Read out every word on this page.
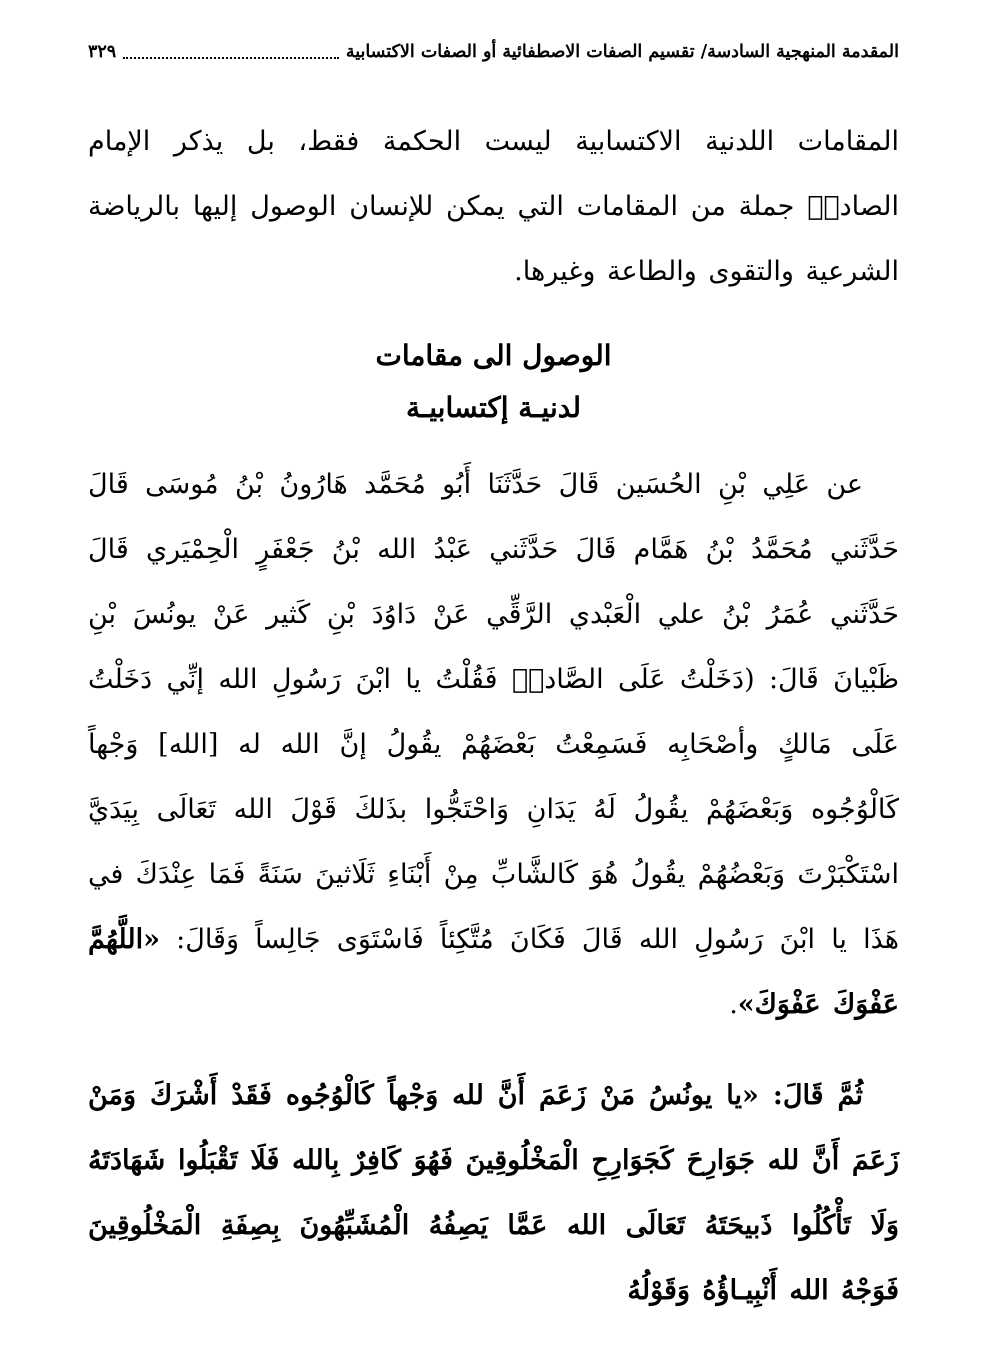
المقدمة المنهجية السادسة/ تقسيم الصفات الاصطفائية أو الصفات الاكتسابية
٣٢٩

المقامات اللدنية الاكتسابية ليست الحكمة فقط، بل يذكر الإمام الصادقؑ جملة من المقامات التي يمكن للإنسان الوصول إليها بالرياضة الشرعية والتقوى والطاعة وغيرها.

الوصول الى مقامات
لدنيـة إكتسابيـة

عن عَلِي بْنِ الحُسَين قَالَ حَدَّثَنَا أَبُو مُحَمَّد هَارُونُ بْنُ مُوسَى قَالَ حَدَّثَني مُحَمَّدُ بْنُ هَمَّام قَالَ حَدَّثَني عَبْدُ الله بْنُ جَعْفَرٍ الْحِمْيَري قَالَ حَدَّثَني عُمَرُ بْنُ علي الْعَبْدي الرَّقِّي عَنْ دَاوُدَ بْنِ كَثير عَنْ يونُسَ بْنِ ظَبْيانَ قَالَ: (دَخَلْتُ عَلَى الصَّادقؑ فَقُلْتُ يا ابْنَ رَسُولِ الله إنِّي دَخَلْتُ عَلَى مَالكٍ وأصْحَابِه فَسَمِعْتُ بَعْضَهُمْ يقُولُ إنَّ الله له [الله] وَجْهاً كَالْوُجُوه وَبَعْضَهُمْ يقُولُ لَهُ يَدَانِ وَاحْتَجُّوا بذَلكَ قَوْلَ الله تَعَالَى بِيَدَيَّ اسْتَكْبَرْتَ وَبَعْضُهُمْ يقُولُ هُوَ كَالشَّابِّ مِنْ أَبْنَاءِ ثَلَاثينَ سَنَةً فَمَا عِنْدَكَ في هَذَا يا ابْنَ رَسُولِ الله قَالَ فَكَانَ مُتَّكِئاً فَاسْتَوَى جَالِساً وَقَالَ: «اللَّهُمَّ عَفْوَكَ عَفْوَكَ».

ثُمَّ قَالَ: «يا يونُسُ مَنْ زَعَمَ أَنَّ لله وَجْهاً كَالْوُجُوه فَقَدْ أَشْرَكَ وَمَنْ زَعَمَ أَنَّ لله جَوَارِحَ كَجَوَارِحِ الْمَخْلُوقِينَ فَهُوَ كَافِرٌ بِالله فَلَا تَقْبَلُوا شَهَادَتَهُ وَلَا تَأْكُلُوا ذَبيحَتَهُ تَعَالَى الله عَمَّا يَصِفُهُ الْمُشَبِّهُونَ بِصِفَةِ الْمَخْلُوقِينَ فَوَجْهُ الله أَنْبِيـاؤُهُ وَقَوْلُهُ
